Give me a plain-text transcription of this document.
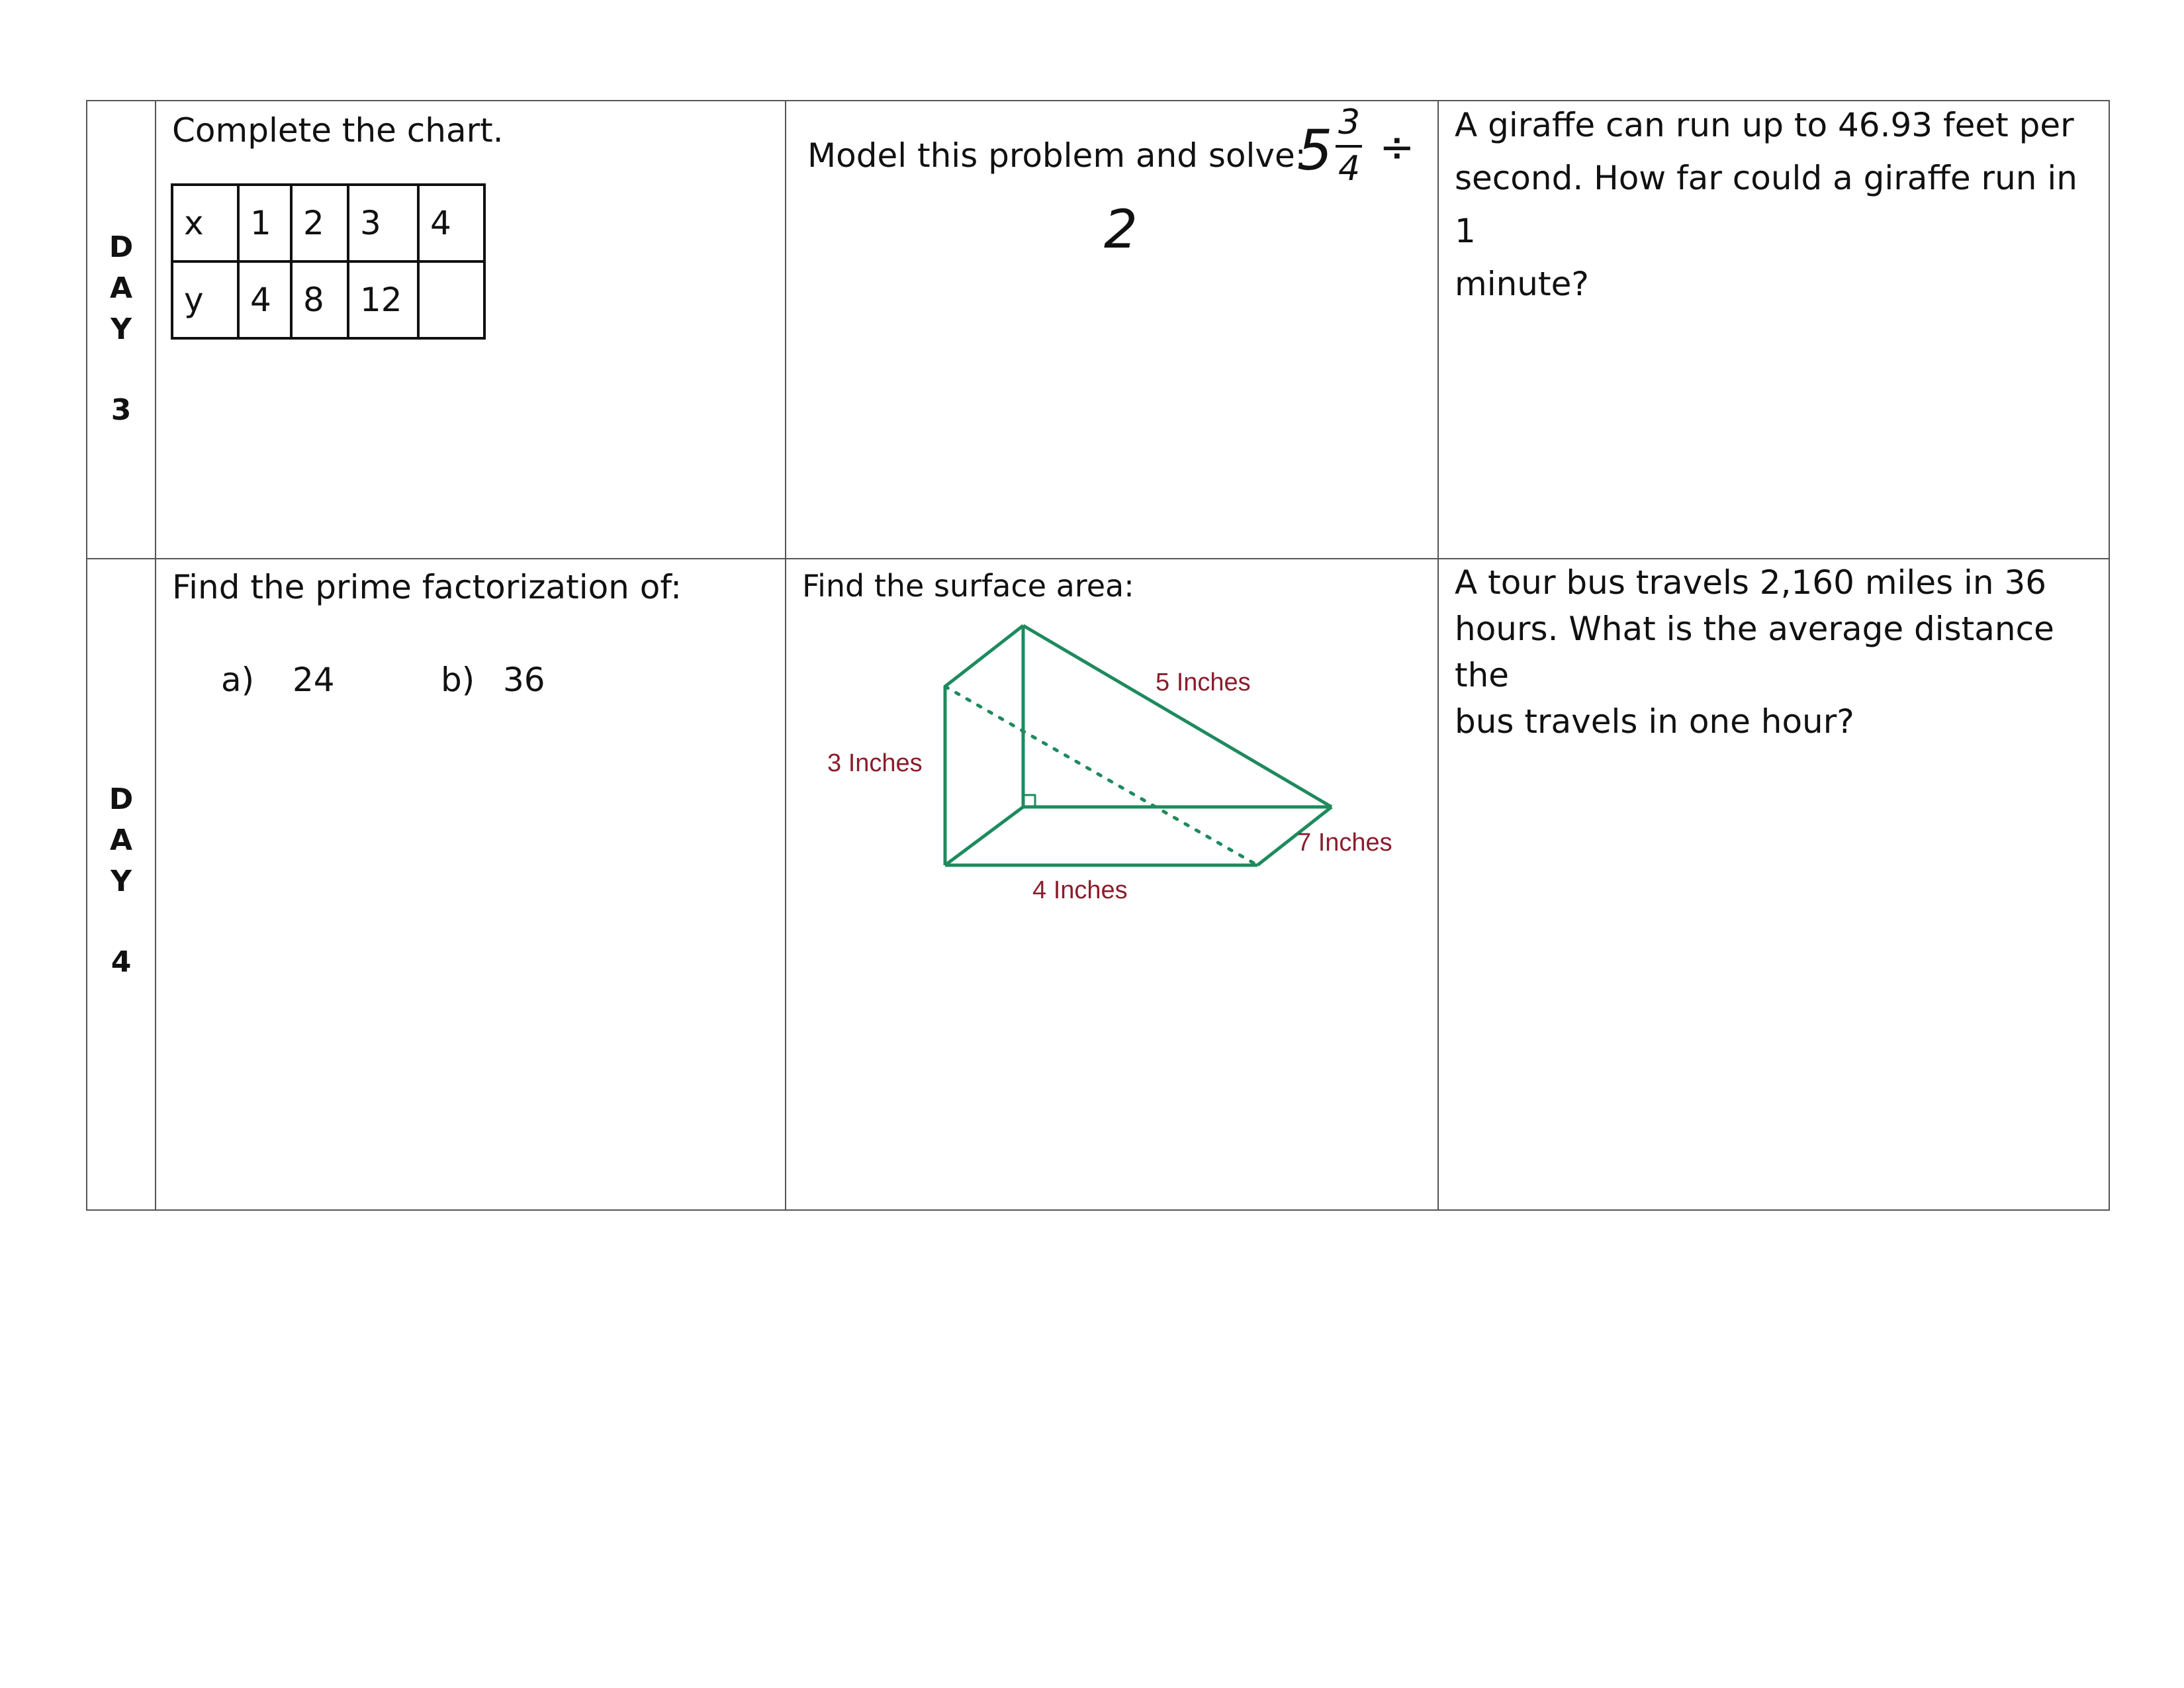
D
A
Y
3

Complete the chart.
x	1	2	3	4
y	4	8	12	

Model this problem and solve:
5 3
4 ÷
2

A giraffe can run up to 46.93 feet per
second. How far could a giraffe run in 1
minute?

D
A
Y
4

Find the prime factorization of:
a) 24	b) 36

Find the surface area:
5 Inches
3 Inches
7 Inches
4 Inches

A tour bus travels 2,160 miles in 36
hours. What is the average distance the
bus travels in one hour?
